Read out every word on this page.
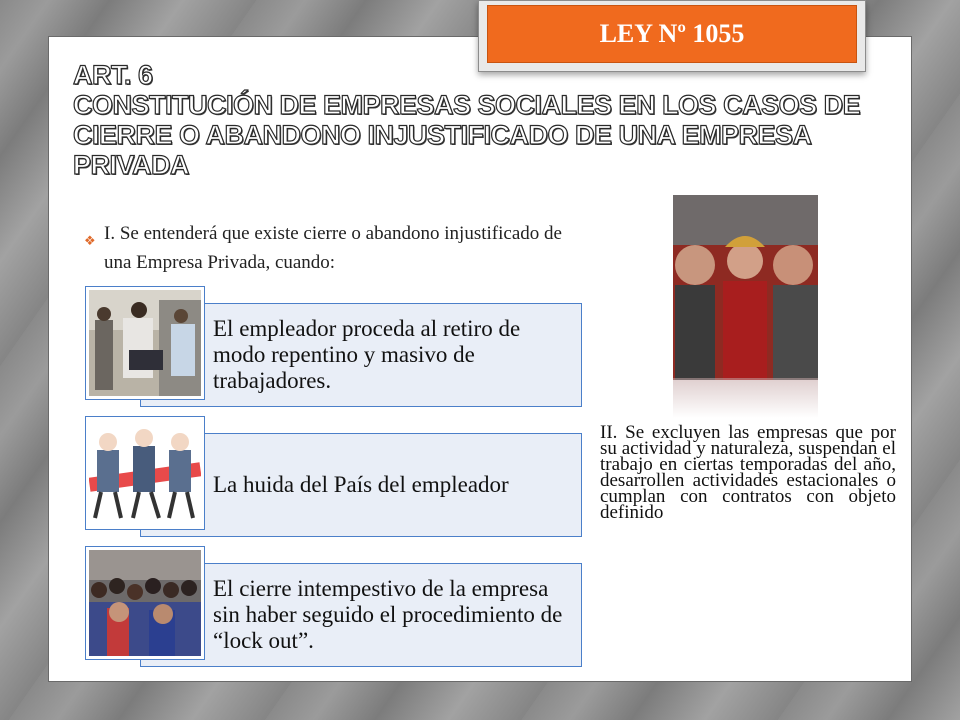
LEY Nº 1055
ART. 6
CONSTITUCIÓN DE EMPRESAS SOCIALES EN LOS CASOS DE
CIERRE O ABANDONO INJUSTIFICADO DE UNA EMPRESA
PRIVADA
❖ I. Se entenderá que existe cierre o abandono injustificado de una Empresa Privada, cuando:
El empleador proceda al retiro de modo repentino y masivo de trabajadores.
La huida del País del empleador
El cierre intempestivo de la empresa sin haber seguido el procedimiento de “lock out”.
II. Se excluyen las empresas que por su actividad y naturaleza, suspendan el trabajo en ciertas temporadas del año, desarrollen actividades estacionales o cumplan con contratos con objeto definido
